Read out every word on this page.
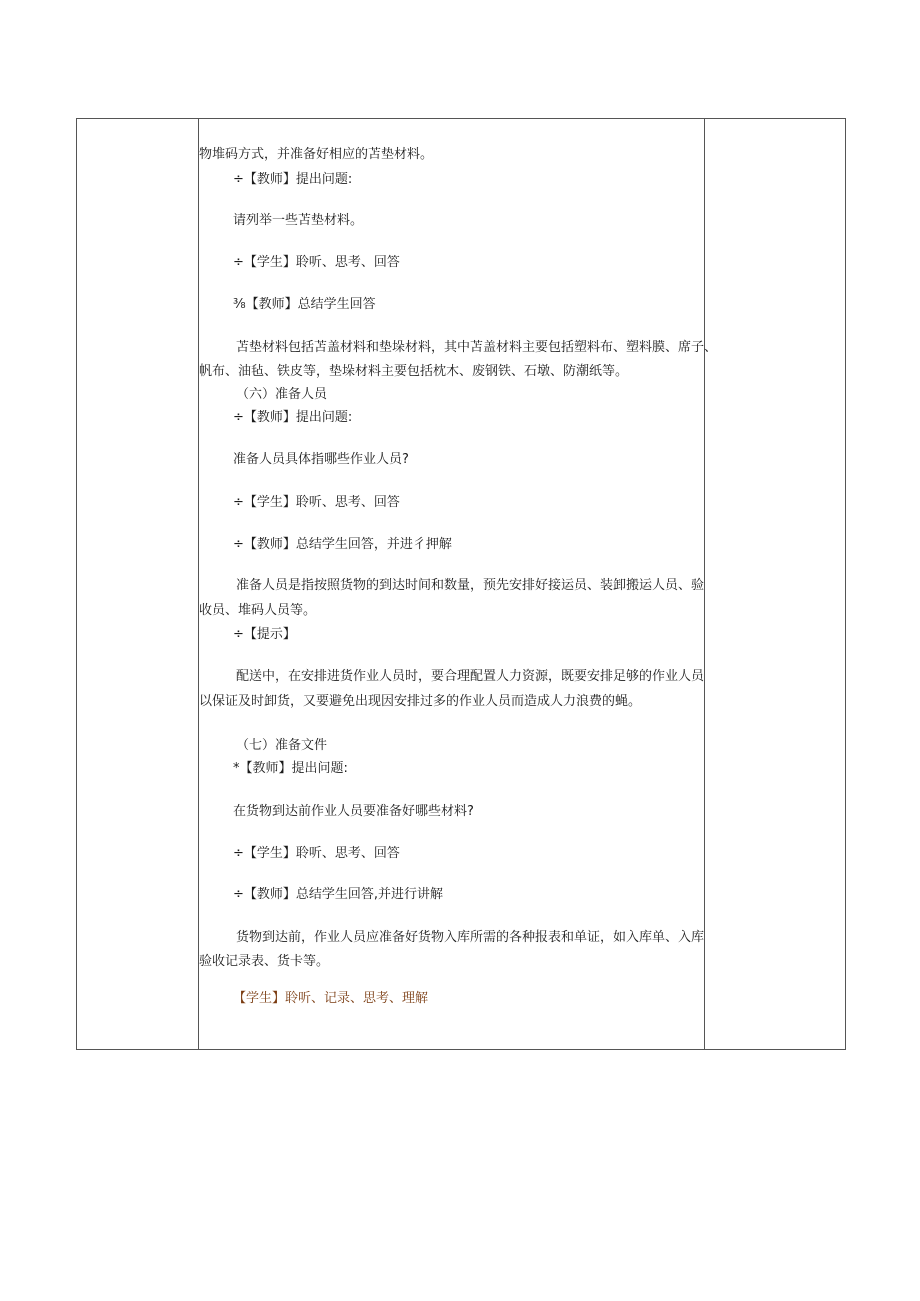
物堆码方式，并准备好相应的苫垫材料。
÷【教师】提出问题:
请列举一些苫垫材料。
÷【学生】聆听、思考、回答
⅜【教师】总结学生回答
苫垫材料包括苫盖材料和垫垛材料，其中苫盖材料主要包括塑料布、塑料膜、席子、
帆布、油毡、铁皮等，垫垛材料主要包括枕木、废钢铁、石墩、防潮纸等。
（六）准备人员
÷【教师】提出问题:
准备人员具体指哪些作业人员?
÷【学生】聆听、思考、回答
÷【教师】总结学生回答，并进彳押解
准备人员是指按照货物的到达时间和数量，预先安排好接运员、装卸搬运人员、验
收员、堆码人员等。
÷【提示】
配送中，在安排进货作业人员时，要合理配置人力资源，既要安排足够的作业人员
以保证及时卸货，又要避免出现因安排过多的作业人员而造成人力浪费的蝇。
（七）准备文件
*【教师】提出问题:
在货物到达前作业人员要准备好哪些材料?
÷【学生】聆听、思考、回答
÷【教师】总结学生回答,并进行讲解
货物到达前，作业人员应准备好货物入库所需的各种报表和单证，如入库单、入库
验收记录表、货卡等。
【学生】聆听、记录、思考、理解
